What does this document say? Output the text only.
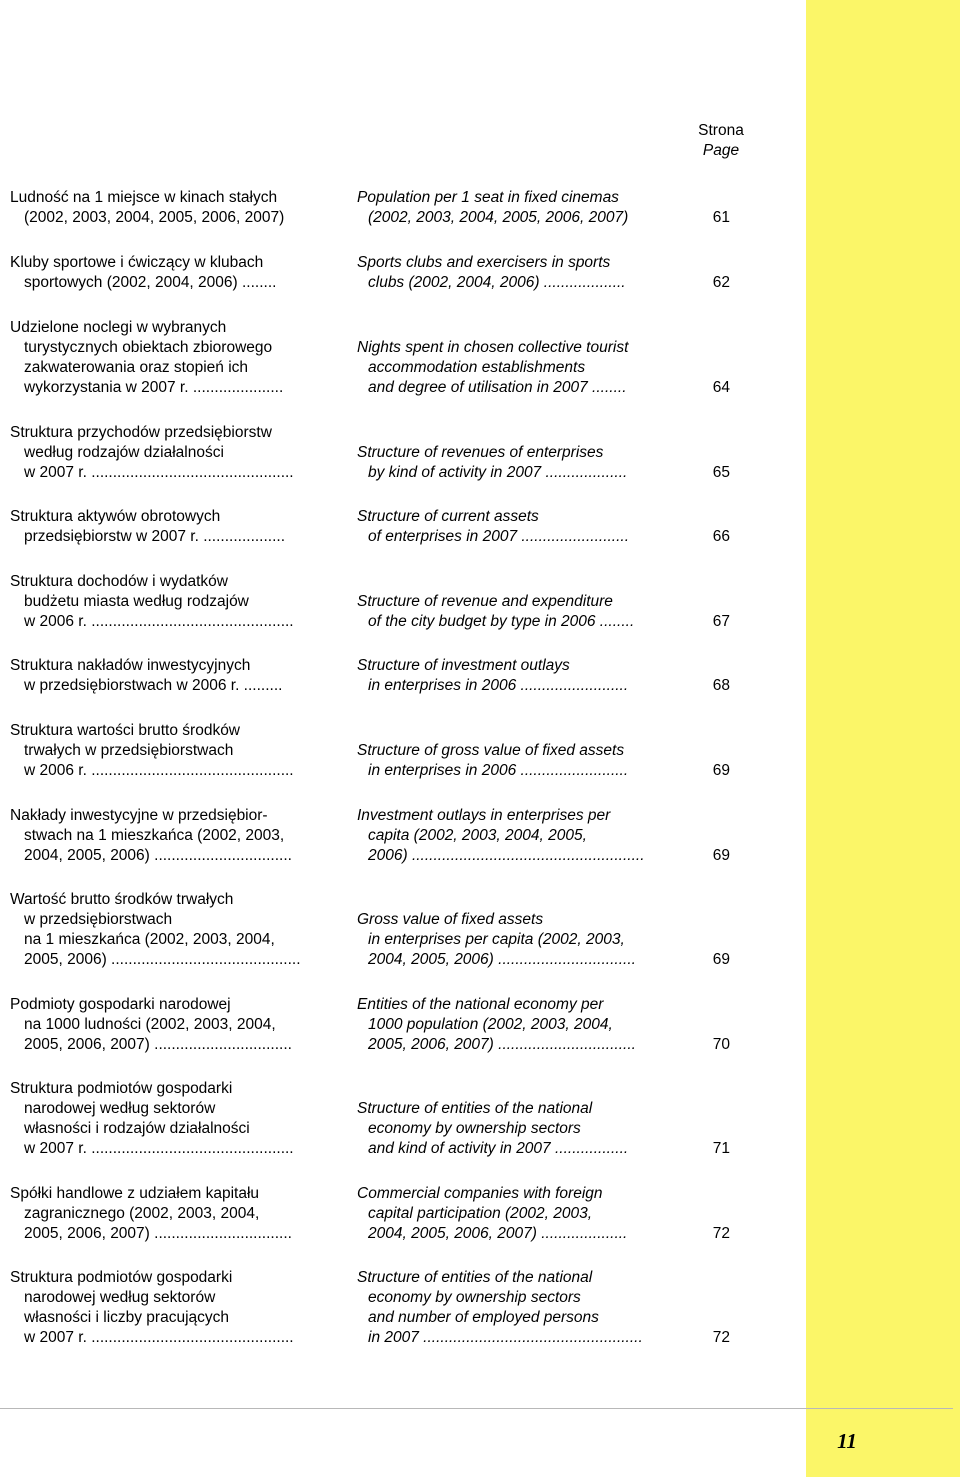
Strona
Page
Ludność na 1 miejsce w kinach stałych
(2002, 2003, 2004, 2005, 2006, 2007)
Population per 1 seat in fixed cinemas
(2002, 2003, 2004, 2005, 2006, 2007)	61
Kluby sportowe i ćwiczący w klubach
sportowych (2002, 2004, 2006) ........
Sports clubs and exercisers in sports
clubs (2002, 2004, 2006) ...................	62
Udzielone noclegi w wybranych
turystycznych obiektach zbiorowego
zakwaterowania oraz stopień ich
wykorzystania w 2007 r. .....................
Nights spent in chosen collective tourist
accommodation establishments
and degree of utilisation in 2007 ........	64
Struktura przychodów przedsiębiorstw
według rodzajów działalności
w 2007 r. ...............................................
Structure of revenues of enterprises
by kind of activity in 2007 ...................	65
Struktura aktywów obrotowych
przedsiębiorstw w 2007 r. ...................
Structure of current assets
of enterprises in 2007 .........................	66
Struktura dochodów i wydatków
budżetu miasta według rodzajów
w 2006 r. ...............................................
Structure of revenue and expenditure
of the city budget by type in 2006 ........	67
Struktura nakładów inwestycyjnych
w przedsiębiorstwach w 2006 r. .........
Structure of investment outlays
in enterprises in 2006 .........................	68
Struktura wartości brutto środków
trwałych w przedsiębiorstwach
w 2006 r. ...............................................
Structure of gross value of fixed assets
in enterprises in 2006 .........................	69
Nakłady inwestycyjne w przedsiębior-
stwach na 1 mieszkańca (2002, 2003,
2004, 2005, 2006) ................................
Investment outlays in enterprises per
capita (2002, 2003, 2004, 2005,
2006) ......................................................	69
Wartość brutto środków trwałych
w przedsiębiorstwach
na 1 mieszkańca (2002, 2003, 2004,
2005, 2006) ............................................
Gross value of fixed assets
in enterprises per capita (2002, 2003,
2004, 2005, 2006) ................................	69
Podmioty gospodarki narodowej
na 1000 ludności (2002, 2003, 2004,
2005, 2006, 2007) ................................
Entities of the national economy per
1000 population (2002, 2003, 2004,
2005, 2006, 2007) ................................	70
Struktura podmiotów gospodarki
narodowej według sektorów
własności i rodzajów działalności
w 2007 r. ...............................................
Structure of entities of the national
economy by ownership sectors
and kind of activity in 2007 .................	71
Spółki handlowe z udziałem kapitału
zagranicznego (2002, 2003, 2004,
2005, 2006, 2007) ................................
Commercial companies with foreign
capital participation (2002, 2003,
2004, 2005, 2006, 2007) ....................	72
Struktura podmiotów gospodarki
narodowej według sektorów
własności i liczby pracujących
w 2007 r. ...............................................
Structure of entities of the national
economy by ownership sectors
and number of employed persons
in 2007 ...................................................	72
11
